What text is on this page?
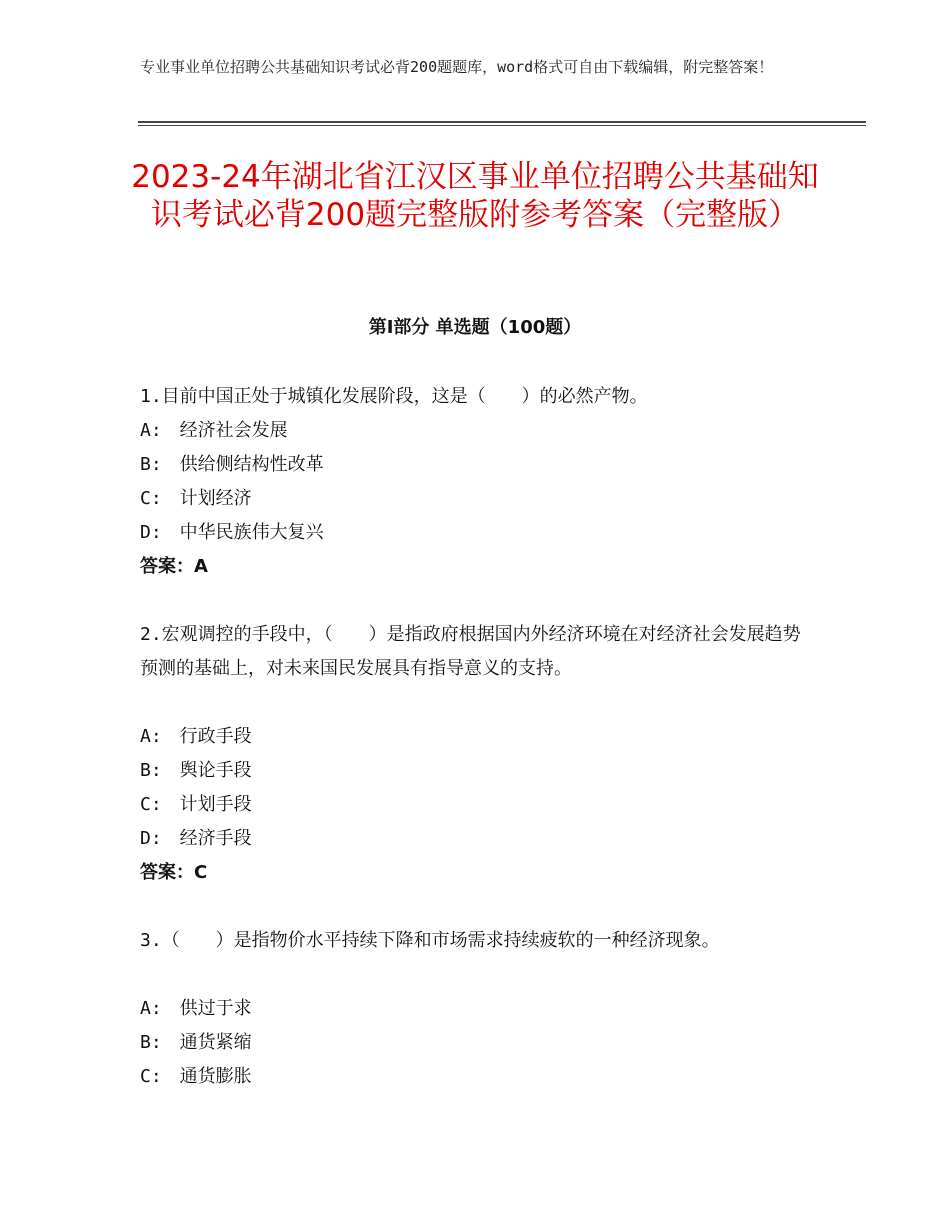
专业事业单位招聘公共基础知识考试必背200题题库，word格式可自由下载编辑，附完整答案！
2023-24年湖北省江汉区事业单位招聘公共基础知识考试必背200题完整版附参考答案（完整版）
第Ⅰ部分 单选题（100题）
1.目前中国正处于城镇化发展阶段，这是（　　）的必然产物。
A:　经济社会发展
B:　供给侧结构性改革
C:　计划经济
D:　中华民族伟大复兴
答案：A
2.宏观调控的手段中，（　　）是指政府根据国内外经济环境在对经济社会发展趋势预测的基础上，对未来国民发展具有指导意义的支持。
A:　行政手段
B:　舆论手段
C:　计划手段
D:　经济手段
答案：C
3.（　　）是指物价水平持续下降和市场需求持续疲软的一种经济现象。
A:　供过于求
B:　通货紧缩
C:　通货膨胀
